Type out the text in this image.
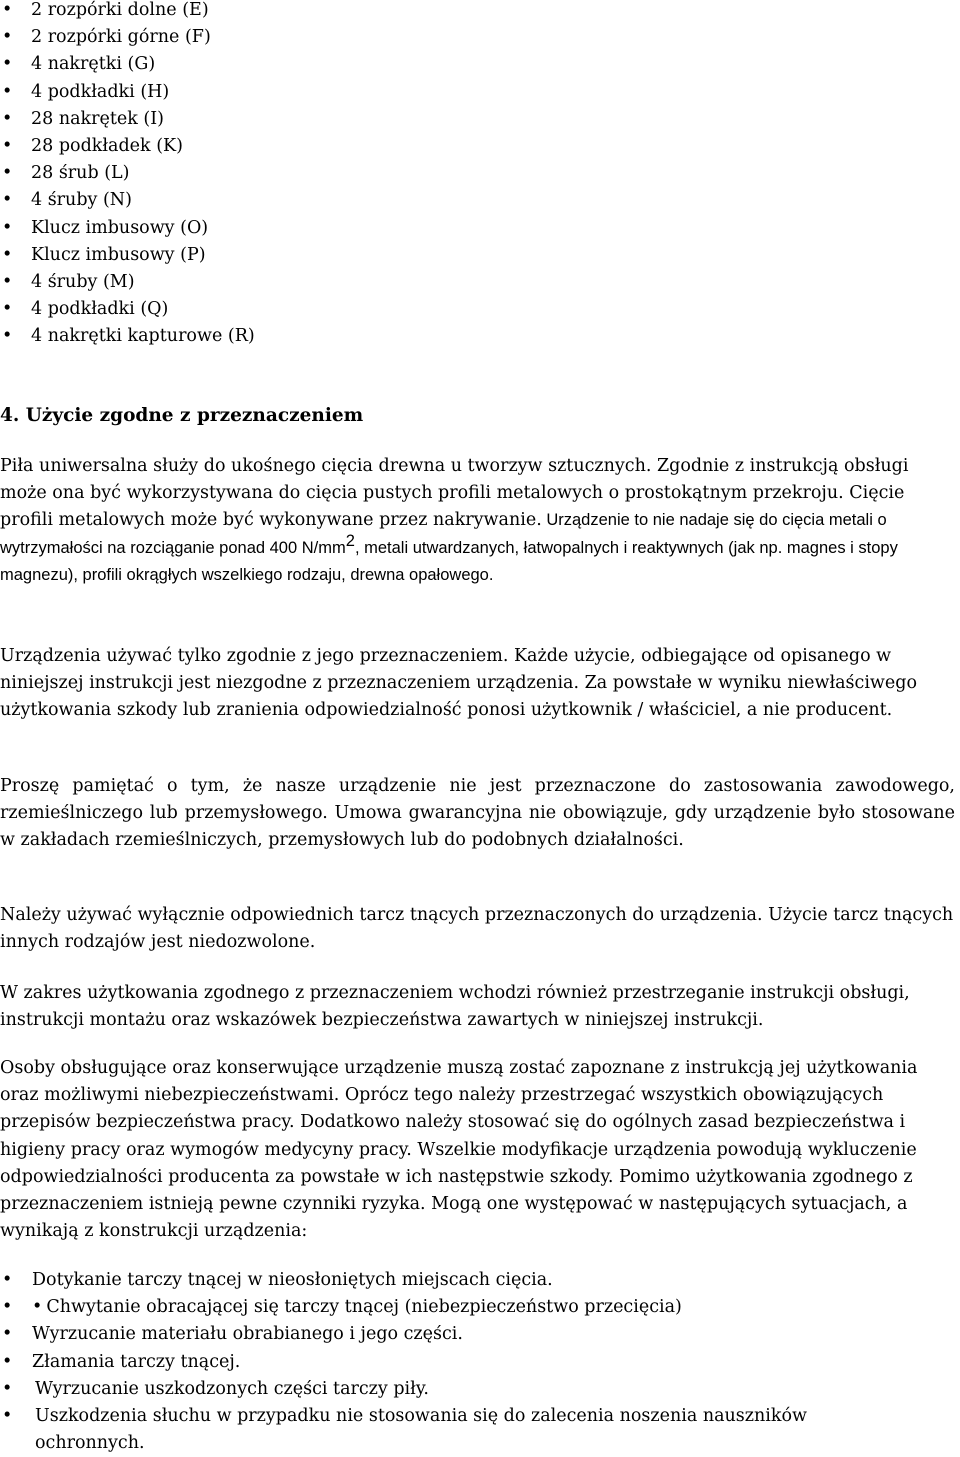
•	2 rozpórki dolne (E)
•	2 rozpórki górne (F)
•	4 nakrętki (G)
•	4 podkładki (H)
•	28 nakrętek (I)
•	28 podkładek (K)
•	28 śrub (L)
•	4 śruby (N)
•	Klucz imbusowy (O)
•	Klucz imbusowy (P)
•	4 śruby (M)
•	4 podkładki (Q)
•	4 nakrętki kapturowe (R)
4. Użycie zgodne z przeznaczeniem

Piła uniwersalna służy do ukośnego cięcia drewna u tworzyw sztucznych. Zgodnie z instrukcją obsługi może ona być wykorzystywana do cięcia pustych profili metalowych o prostokątnym przekroju. Cięcie profili metalowych może być wykonywane przez nakrywanie. Urządzenie to nie nadaje się do cięcia metali o wytrzymałości na rozciąganie ponad 400 $N/mm^2$, metali utwardzanych, łatwopalnych i reaktywnych (jak np. magnes i stopy magnezu), profili okrągłych wszelkiego rodzaju, drewna opałowego.

Urządzenia używać tylko zgodnie z jego przeznaczeniem. Każde użycie, odbiegające od opisanego w niniejszej instrukcji jest niezgodne z przeznaczeniem urządzenia. Za powstałe w wyniku niewłaściwego użytkowania szkody lub zranienia odpowiedzialność ponosi użytkownik / właściciel, a nie producent.

Proszę pamiętać o tym, że nasze urządzenie nie jest przeznaczone do zastosowania zawodowego, rzemieślniczego lub przemysłowego. Umowa gwarancyjna nie obowiązuje, gdy urządzenie było stosowane w zakładach rzemieślniczych, przemysłowych lub do podobnych działalności.

Należy używać wyłącznie odpowiednich tarcz tnących przeznaczonych do urządzenia. Użycie tarcz tnących innych rodzajów jest niedozwolone.

W zakres użytkowania zgodnego z przeznaczeniem wchodzi również przestrzeganie instrukcji obsługi, instrukcji montażu oraz wskazówek bezpieczeństwa zawartych w niniejszej instrukcji.

Osoby obsługujące oraz konserwujące urządzenie muszą zostać zapoznane z instrukcją jej użytkowania oraz możliwymi niebezpieczeństwami. Oprócz tego należy przestrzegać wszystkich obowiązujących przepisów bezpieczeństwa pracy. Dodatkowo należy stosować się do ogólnych zasad bezpieczeństwa i higieny pracy oraz wymogów medycyny pracy. Wszelkie modyfikacje urządzenia powodują wykluczenie odpowiedzialności producenta za powstałe w ich następstwie szkody. Pomimo użytkowania zgodnego z przeznaczeniem istnieją pewne czynniki ryzyka. Mogą one występować w następujących sytuacjach, a wynikają z konstrukcji urządzenia:

•	Dotykanie tarczy tnącej w nieosłoniętych miejscach cięcia.
•	• Chwytanie obracającej się tarczy tnącej (niebezpieczeństwo przecięcia)
•	Wyrzucanie materiału obrabianego i jego części.
•	Złamania tarczy tnącej.
•	Wyrzucanie uszkodzonych części tarczy piły.
•	Uszkodzenia słuchu w przypadku nie stosowania się do zalecenia noszenia nauszników ochronnych.
